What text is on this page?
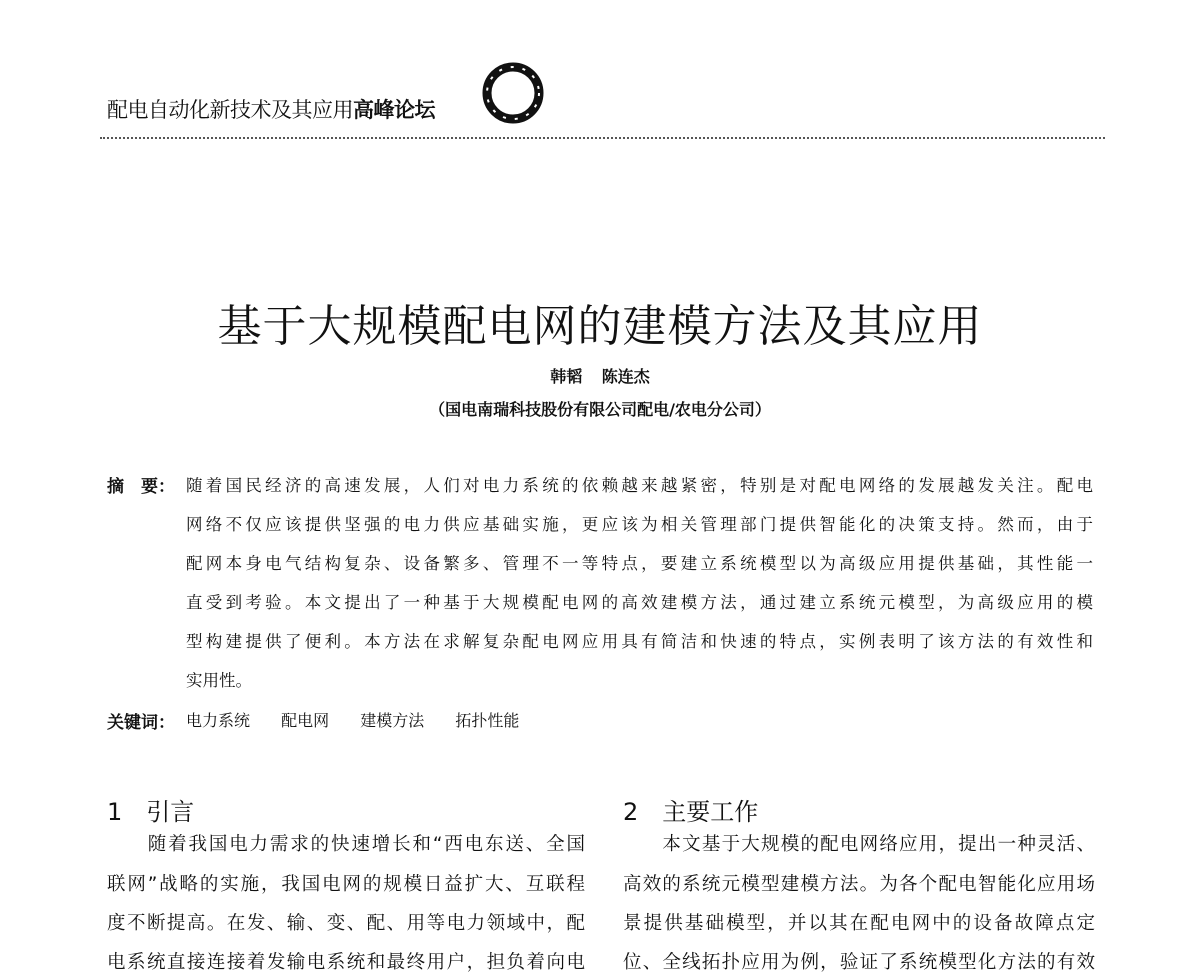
配电自动化新技术及其应用高峰论坛
基于大规模配电网的建模方法及其应用
韩韬 陈连杰
（国电南瑞科技股份有限公司配电/农电分公司）
摘　要： 随着国民经济的高速发展，人们对电力系统的依赖越来越紧密，特别是对配电网络的发展越发关注。配电
网络不仅应该提供坚强的电力供应基础实施，更应该为相关管理部门提供智能化的决策支持。然而，由于
配网本身电气结构复杂、设备繁多、管理不一等特点，要建立系统模型以为高级应用提供基础，其性能一
直受到考验。本文提出了一种基于大规模配电网的高效建模方法，通过建立系统元模型，为高级应用的模
型构建提供了便利。本方法在求解复杂配电网应用具有简洁和快速的特点，实例表明了该方法的有效性和
实用性。
关键词： 电力系统 配电网 建模方法 拓扑性能
1　引言
　　随着我国电力需求的快速增长和“西电东送、全国
联网”战略的实施，我国电网的规模日益扩大、互联程
度不断提高。在发、输、变、配、用等电力领域中，配
电系统直接连接着发输电系统和最终用户，担负着向电
2　主要工作
　　本文基于大规模的配电网络应用，提出一种灵活、
高效的系统元模型建模方法。为各个配电智能化应用场
景提供基础模型，并以其在配电网中的设备故障点定
位、全线拓扑应用为例，验证了系统模型化方法的有效
